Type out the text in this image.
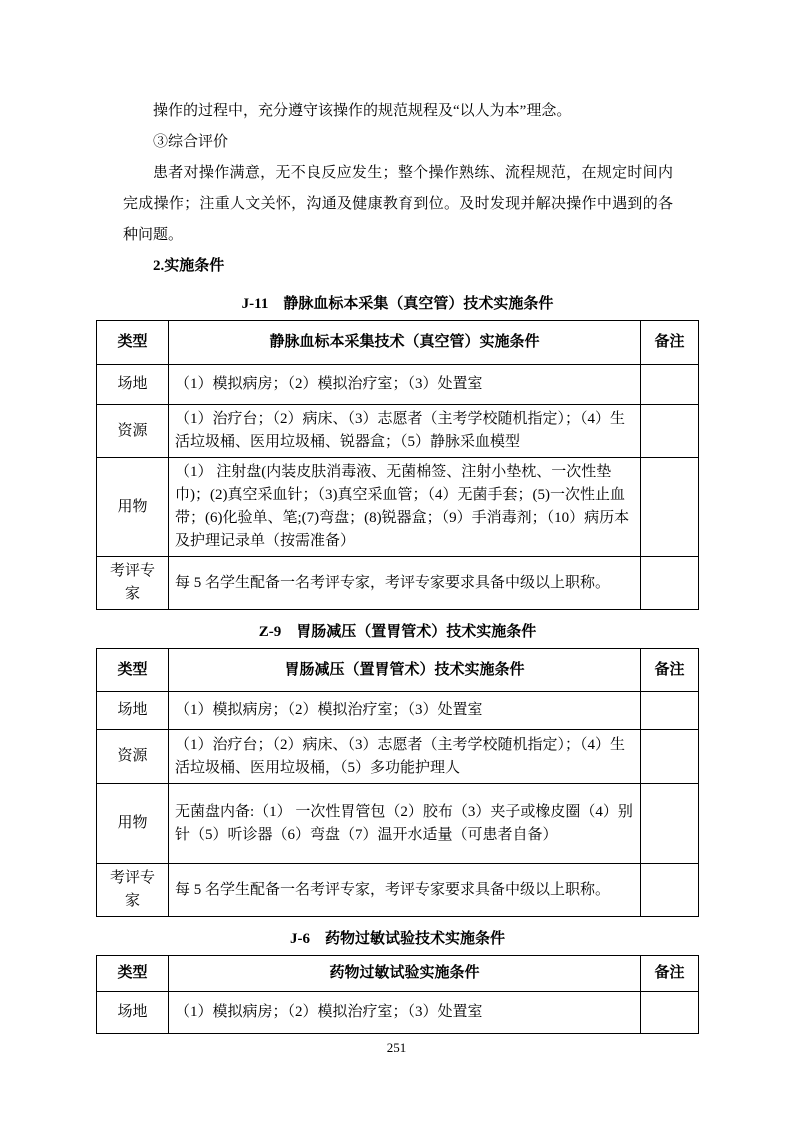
操作的过程中，充分遵守该操作的规范规程及“以人为本”理念。

③综合评价

患者对操作满意，无不良反应发生；整个操作熟练、流程规范，在规定时间内完成操作；注重人文关怀，沟通及健康教育到位。及时发现并解决操作中遇到的各种问题。

2.实施条件

J-11　静脉血标本采集（真空管）技术实施条件
类型	静脉血标本采集技术（真空管）实施条件	备注
场地	（1）模拟病房；（2）模拟治疗室；（3）处置室	
资源	（1）治疗台；（2）病床、（3）志愿者（主考学校随机指定）；（4）生活垃圾桶、医用垃圾桶、锐器盒；（5）静脉采血模型	
用物	（1） 注射盘(内装皮肤消毒液、无菌棉签、注射小垫枕、一次性垫巾)；(2)真空采血针；（3)真空采血管；（4）无菌手套；(5)一次性止血带；(6)化验单、笔;(7)弯盘；(8)锐器盒；（9）手消毒剂；（10）病历本及护理记录单（按需准备）	
考评专家	每 5 名学生配备一名考评专家，考评专家要求具备中级以上职称。	
Z-9　胃肠减压（置胃管术）技术实施条件
类型	胃肠减压（置胃管术）技术实施条件	备注
场地	（1）模拟病房；（2）模拟治疗室；（3）处置室	
资源	（1）治疗台；（2）病床、（3）志愿者（主考学校随机指定）；（4）生活垃圾桶、医用垃圾桶，（5）多功能护理人	
用物	无菌盘内备:（1） 一次性胃管包（2）胶布（3）夹子或橡皮圈（4）别针（5）听诊器（6）弯盘（7）温开水适量（可患者自备）	
考评专家	每 5 名学生配备一名考评专家，考评专家要求具备中级以上职称。	
J-6　药物过敏试验技术实施条件
类型	药物过敏试验实施条件	备注
场地	（1）模拟病房；（2）模拟治疗室；（3）处置室	
251
